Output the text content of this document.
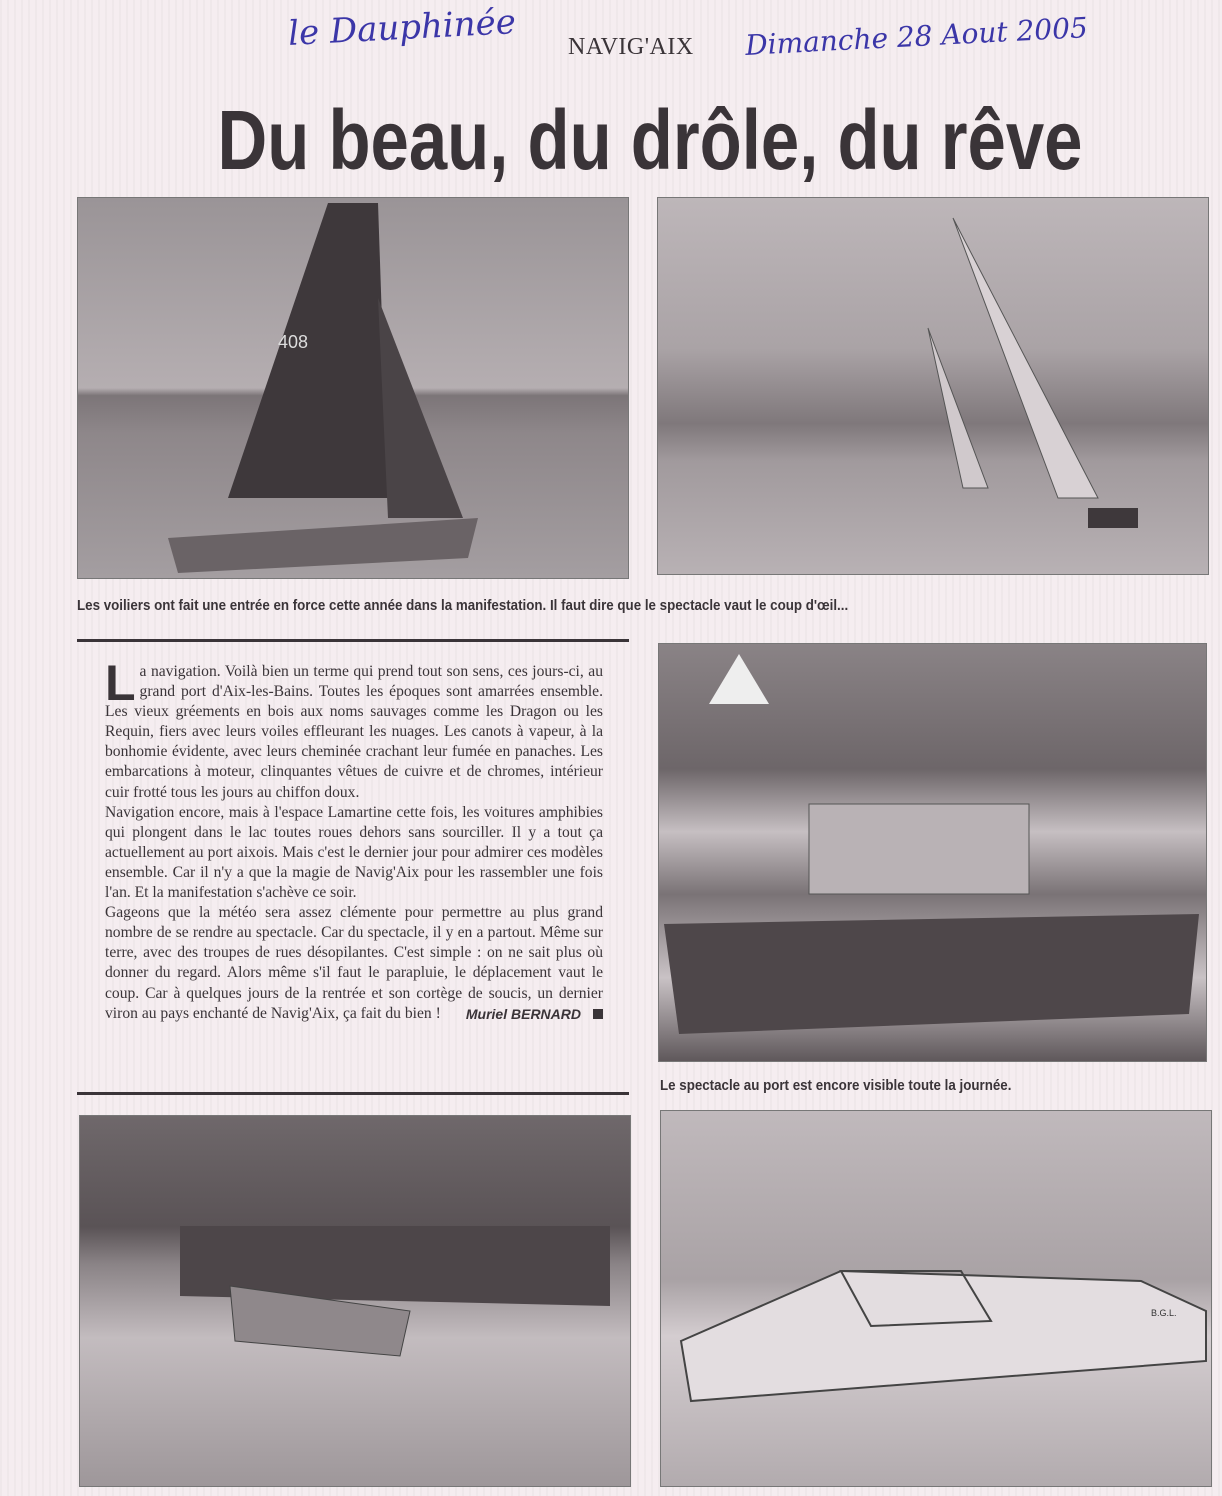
le Dauphinée NAVIG'AIX Dimanche 28 Aout 2005
Du beau, du drôle, du rêve
408
Les voiliers ont fait une entrée en force cette année dans la manifestation. Il faut dire que le spectacle vaut le coup d'œil...

La navigation. Voilà bien un terme qui prend tout son sens, ces jours-ci, au grand port d'Aix-les-Bains. Toutes les époques sont amarrées ensemble. Les vieux gréements en bois aux noms sauvages comme les Dragon ou les Requin, fiers avec leurs voiles effleurant les nuages. Les canots à vapeur, à la bonhomie évidente, avec leurs cheminée crachant leur fumée en panaches. Les embarcations à moteur, clinquantes vêtues de cuivre et de chromes, intérieur cuir frotté tous les jours au chiffon doux.

Navigation encore, mais à l'espace Lamartine cette fois, les voitures amphibies qui plongent dans le lac toutes roues dehors sans sourciller. Il y a tout ça actuellement au port aixois. Mais c'est le dernier jour pour admirer ces modèles ensemble. Car il n'y a que la magie de Navig'Aix pour les rassembler une fois l'an. Et la manifestation s'achève ce soir.

Gageons que la météo sera assez clémente pour permettre au plus grand nombre de se rendre au spectacle. Car du spectacle, il y en a partout. Même sur terre, avec des troupes de rues désopilantes. C'est simple : on ne sait plus où donner du regard. Alors même s'il faut le parapluie, le déplacement vaut le coup. Car à quelques jours de la rentrée et son cortège de soucis, un dernier viron au pays enchanté de Navig'Aix, ça fait du bien ! Muriel BERNARD

Le spectacle au port est encore visible toute la journée.
B.G.L.
